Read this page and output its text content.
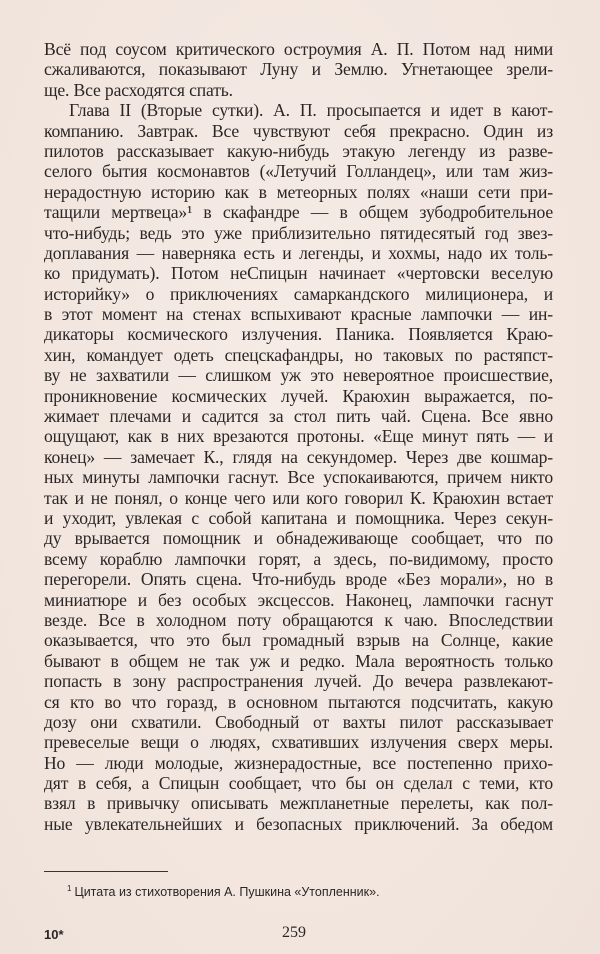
Всё под соусом критического остроумия А. П. Потом над ними
сжаливаются, показывают Луну и Землю. Угнетающее зрели-
ще. Все расходятся спать.
Глава II (Вторые сутки). А. П. просыпается и идет в кают-
компанию. Завтрак. Все чувствуют себя прекрасно. Один из
пилотов рассказывает какую-нибудь этакую легенду из разве-
селого бытия космонавтов («Летучий Голландец», или там жиз-
нерадостную историю как в метеорных полях «наши сети при-
тащили мертвеца»¹ в скафандре — в общем зубодробительное
что-нибудь; ведь это уже приблизительно пятидесятый год звез-
доплавания — наверняка есть и легенды, и хохмы, надо их толь-
ко придумать). Потом неСпицын начинает «чертовски веселую
историйку» о приключениях самаркандского милиционера, и
в этот момент на стенах вспыхивают красные лампочки — ин-
дикаторы космического излучения. Паника. Появляется Краю-
хин, командует одеть спецскафандры, но таковых по растяпст-
ву не захватили — слишком уж это невероятное происшествие,
проникновение космических лучей. Краюхин выражается, по-
жимает плечами и садится за стол пить чай. Сцена. Все явно
ощущают, как в них врезаются протоны. «Еще минут пять — и
конец» — замечает К., глядя на секундомер. Через две кошмар-
ных минуты лампочки гаснут. Все успокаиваются, причем никто
так и не понял, о конце чего или кого говорил К. Краюхин встает
и уходит, увлекая с собой капитана и помощника. Через секун-
ду врывается помощник и обнадеживающе сообщает, что по
всему кораблю лампочки горят, а здесь, по-видимому, просто
перегорели. Опять сцена. Что-нибудь вроде «Без морали», но в
миниатюре и без особых эксцессов. Наконец, лампочки гаснут
везде. Все в холодном поту обращаются к чаю. Впоследствии
оказывается, что это был громадный взрыв на Солнце, какие
бывают в общем не так уж и редко. Мала вероятность только
попасть в зону распространения лучей. До вечера развлекают-
ся кто во что горазд, в основном пытаются подсчитать, какую
дозу они схватили. Свободный от вахты пилот рассказывает
превеселые вещи о людях, схвативших излучения сверх меры.
Но — люди молодые, жизнерадостные, все постепенно прихо-
дят в себя, а Спицын сообщает, что бы он сделал с теми, кто
взял в привычку описывать межпланетные перелеты, как пол-
ные увлекательнейших и безопасных приключений. За обедом
$^1$ Цитата из стихотворения А. Пушкина «Утопленник».
10*	259
